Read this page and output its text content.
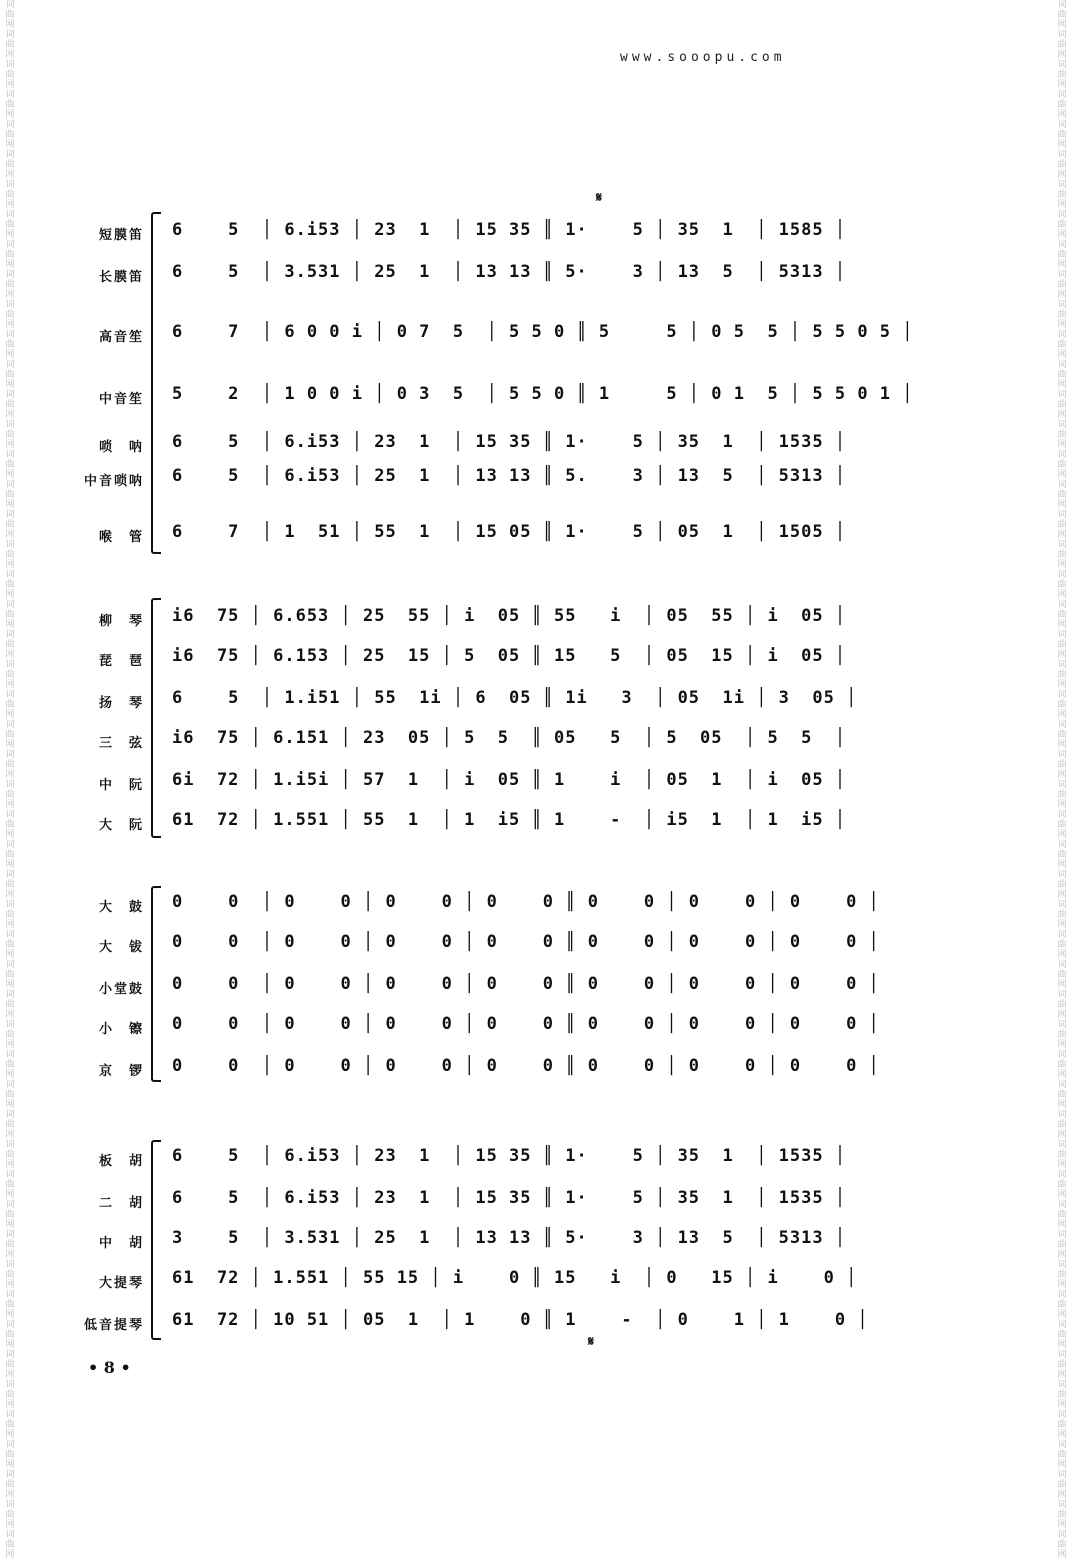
词曲网词曲网词曲网词曲网词曲网词曲网词曲网词曲网词曲网词曲网词曲网词曲网词曲网词曲网词曲网词曲网词曲网词曲网词曲网词曲网词曲网词曲网词曲网词曲网词曲网词曲网词曲网词曲网词曲网词曲网词曲网词曲网词曲网词曲网词曲网词曲网词曲网词曲网词曲网词曲网词曲网词曲网词曲网词曲网词曲网词曲网词曲网词曲网词曲网词曲网词曲网词曲网
词曲网词曲网词曲网词曲网词曲网词曲网词曲网词曲网词曲网词曲网词曲网词曲网词曲网词曲网词曲网词曲网词曲网词曲网词曲网词曲网词曲网词曲网词曲网词曲网词曲网词曲网词曲网词曲网词曲网词曲网词曲网词曲网词曲网词曲网词曲网词曲网词曲网词曲网词曲网词曲网词曲网词曲网词曲网词曲网词曲网词曲网词曲网词曲网词曲网词曲网词曲网词曲网
www.sooopu.com
𝄋
短膜笛 6    5  │ 6.i53 │ 23  1  │ 15 35 ║ 1·    5 │ 35  1  │ 1585 │
长膜笛 6    5  │ 3.531 │ 25  1  │ 13 13 ║ 5·    3 │ 13  5  │ 5313 │
高音笙 6    7  │ 6 0 0 i │ 0 7  5  │ 5 5 0 ║ 5     5 │ 0 5  5 │ 5 5 0 5 │
中音笙 5    2  │ 1 0 0 i │ 0 3  5  │ 5 5 0 ║ 1     5 │ 0 1  5 │ 5 5 0 1 │
唢　呐 6    5  │ 6.i53 │ 23  1  │ 15 35 ║ 1·    5 │ 35  1  │ 1535 │
中音唢呐 6    5  │ 6.i53 │ 25  1  │ 13 13 ║ 5.    3 │ 13  5  │ 5313 │
喉　管 6    7  │ 1  51 │ 55  1  │ 15 05 ║ 1·    5 │ 05  1  │ 1505 │
柳　琴 i6  75 │ 6.653 │ 25  55 │ i  05 ║ 55   i  │ 05  55 │ i  05 │
琵　琶 i6  75 │ 6.153 │ 25  15 │ 5  05 ║ 15   5  │ 05  15 │ i  05 │
扬　琴 6    5  │ 1.i51 │ 55  1i │ 6  05 ║ 1i   3  │ 05  1i │ 3  05 │
三　弦 i6  75 │ 6.151 │ 23  05 │ 5  5  ║ 05   5  │ 5  05  │ 5  5  │
中　阮 6i  72 │ 1.i5i │ 57  1  │ i  05 ║ 1    i  │ 05  1  │ i  05 │
大　阮 61  72 │ 1.551 │ 55  1  │ 1  i5 ║ 1    -  │ i5  1  │ 1  i5 │
大　鼓 0    0  │ 0    0 │ 0    0 │ 0    0 ║ 0    0 │ 0    0 │ 0    0 │
大　钹 0    0  │ 0    0 │ 0    0 │ 0    0 ║ 0    0 │ 0    0 │ 0    0 │
小堂鼓 0    0  │ 0    0 │ 0    0 │ 0    0 ║ 0    0 │ 0    0 │ 0    0 │
小　镲 0    0  │ 0    0 │ 0    0 │ 0    0 ║ 0    0 │ 0    0 │ 0    0 │
京　锣 0    0  │ 0    0 │ 0    0 │ 0    0 ║ 0    0 │ 0    0 │ 0    0 │
板　胡 6    5  │ 6.i53 │ 23  1  │ 15 35 ║ 1·    5 │ 35  1  │ 1535 │
二　胡 6    5  │ 6.i53 │ 23  1  │ 15 35 ║ 1·    5 │ 35  1  │ 1535 │
中　胡 3    5  │ 3.531 │ 25  1  │ 13 13 ║ 5·    3 │ 13  5  │ 5313 │
大提琴 61  72 │ 1.551 │ 55 15 │ i    0 ║ 15   i  │ 0   15 │ i    0 │
低音提琴 61  72 │ 10 51 │ 05  1  │ 1    0 ║ 1    -  │ 0    1 │ 1    0 │
𝄋
• 8 •
